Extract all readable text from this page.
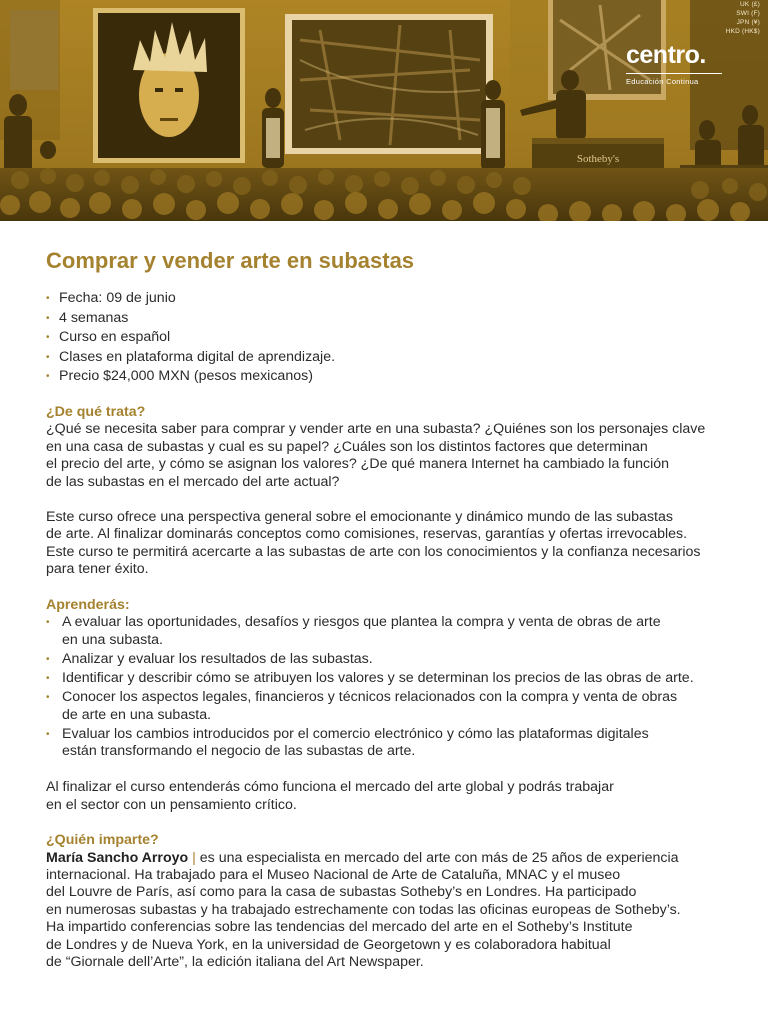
Sotheby's
UK (£)
SWI (F)
JPN (¥)
HKD (HK$)
centro.
Educación Continua
Comprar y vender arte en subastas
• Fecha: 09 de junio
• 4 semanas
• Curso en español
• Clases en plataforma digital de aprendizaje.
• Precio $24,000 MXN (pesos mexicanos)

¿De qué trata?

¿Qué se necesita saber para comprar y vender arte en una subasta? ¿Quiénes son los personajes clave
en una casa de subastas y cual es su papel? ¿Cuáles son los distintos factores que determinan
el precio del arte, y cómo se asignan los valores? ¿De qué manera Internet ha cambiado la función
de las subastas en el mercado del arte actual?

Este curso ofrece una perspectiva general sobre el emocionante y dinámico mundo de las subastas
de arte. Al finalizar dominarás conceptos como comisiones, reservas, garantías y ofertas irrevocables.
Este curso te permitirá acercarte a las subastas de arte con los conocimientos y la confianza necesarios
para tener éxito.

Aprenderás:

• A evaluar las oportunidades, desafíos y riesgos que plantea la compra y venta de obras de arte
en una subasta.
• Analizar y evaluar los resultados de las subastas.
• Identificar y describir cómo se atribuyen los valores y se determinan los precios de las obras de arte.
• Conocer los aspectos legales, financieros y técnicos relacionados con la compra y venta de obras
de arte en una subasta.
• Evaluar los cambios introducidos por el comercio electrónico y cómo las plataformas digitales
están transformando el negocio de las subastas de arte.

Al finalizar el curso entenderás cómo funciona el mercado del arte global y podrás trabajar
en el sector con un pensamiento crítico.

¿Quién imparte?

María Sancho Arroyo | es una especialista en mercado del arte con más de 25 años de experiencia
internacional. Ha trabajado para el Museo Nacional de Arte de Cataluña, MNAC y el museo
del Louvre de París, así como para la casa de subastas Sotheby’s en Londres. Ha participado
en numerosas subastas y ha trabajado estrechamente con todas las oficinas europeas de Sotheby’s.
Ha impartido conferencias sobre las tendencias del mercado del arte en el Sotheby’s Institute
de Londres y de Nueva York, en la universidad de Georgetown y es colaboradora habitual
de “Giornale dell’Arte”, la edición italiana del Art Newspaper.
